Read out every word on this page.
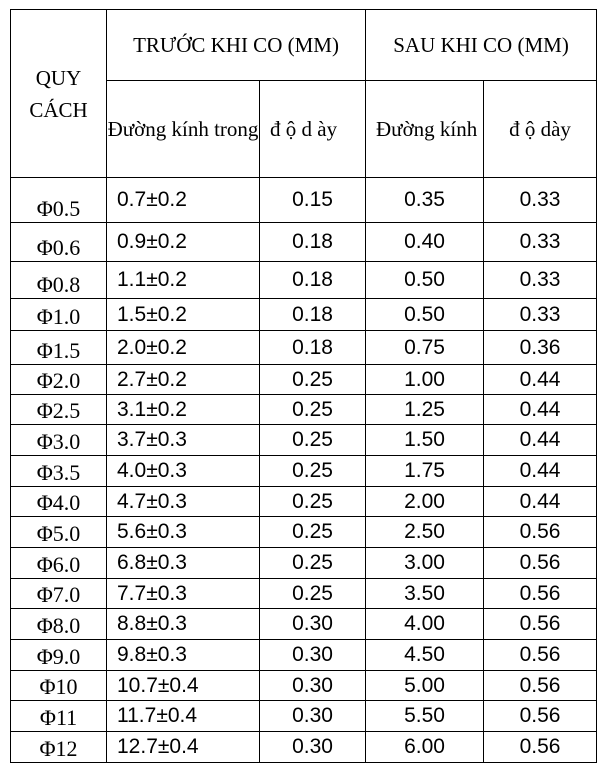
QUY CÁCH	TRƯỚC KHI CO (MM)		SAU KHI CO (MM)	
	Đường kính trong	đ ộ d ày	Đường kính	đ ộ dày
Φ0.5	0.7±0.2	0.15	0.35	0.33
Φ0.6	0.9±0.2	0.18	0.40	0.33
Φ0.8	1.1±0.2	0.18	0.50	0.33
Φ1.0	1.5±0.2	0.18	0.50	0.33
Φ1.5	2.0±0.2	0.18	0.75	0.36
Φ2.0	2.7±0.2	0.25	1.00	0.44
Φ2.5	3.1±0.2	0.25	1.25	0.44
Φ3.0	3.7±0.3	0.25	1.50	0.44
Φ3.5	4.0±0.3	0.25	1.75	0.44
Φ4.0	4.7±0.3	0.25	2.00	0.44
Φ5.0	5.6±0.3	0.25	2.50	0.56
Φ6.0	6.8±0.3	0.25	3.00	0.56
Φ7.0	7.7±0.3	0.25	3.50	0.56
Φ8.0	8.8±0.3	0.30	4.00	0.56
Φ9.0	9.8±0.3	0.30	4.50	0.56
Φ10	10.7±0.4	0.30	5.00	0.56
Φ11	11.7±0.4	0.30	5.50	0.56
Φ12	12.7±0.4	0.30	6.00	0.56
